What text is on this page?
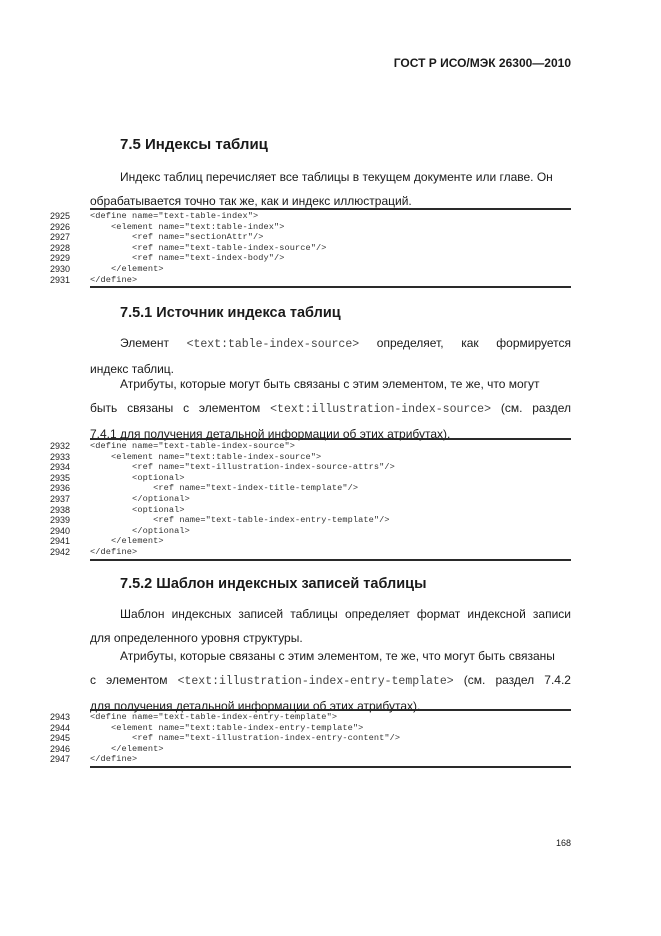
ГОСТ Р ИСО/МЭК 26300—2010
7.5 Индексы таблиц

Индекс таблиц перечисляет все таблицы в текущем документе или главе. Он

обрабатывается точно так же, как и индекс иллюстраций.

2925	<define name="text-table-index">
2926	<element name="text:table-index">
2927	<ref name="sectionAttr"/>
2928	<ref name="text-table-index-source"/>
2929	<ref name="text-index-body"/>
2930	</element>
2931	</define>
7.5.1 Источник индекса таблиц

Элемент <text:table-index-source> определяет, как формируется

индекс таблиц.

Атрибуты, которые могут быть связаны с этим элементом, те же, что могут

быть связаны с элементом <text:illustration-index-source> (см. раздел

7.4.1 для получения детальной информации об этих атрибутах).

2932	<define name="text-table-index-source">
2933	<element name="text:table-index-source">
2934	<ref name="text-illustration-index-source-attrs"/>
2935	<optional>
2936	<ref name="text-index-title-template"/>
2937	</optional>
2938	<optional>
2939	<ref name="text-table-index-entry-template"/>
2940	</optional>
2941	</element>
2942	</define>
7.5.2 Шаблон индексных записей таблицы

Шаблон индексных записей таблицы определяет формат индексной записи

для определенного уровня структуры.

Атрибуты, которые связаны с этим элементом, те же, что могут быть связаны

с элементом <text:illustration-index-entry-template> (см. раздел 7.4.2

для получения детальной информации об этих атрибутах).

2943	<define name="text-table-index-entry-template">
2944	<element name="text:table-index-entry-template">
2945	<ref name="text-illustration-index-entry-content"/>
2946	</element>
2947	</define>
168
